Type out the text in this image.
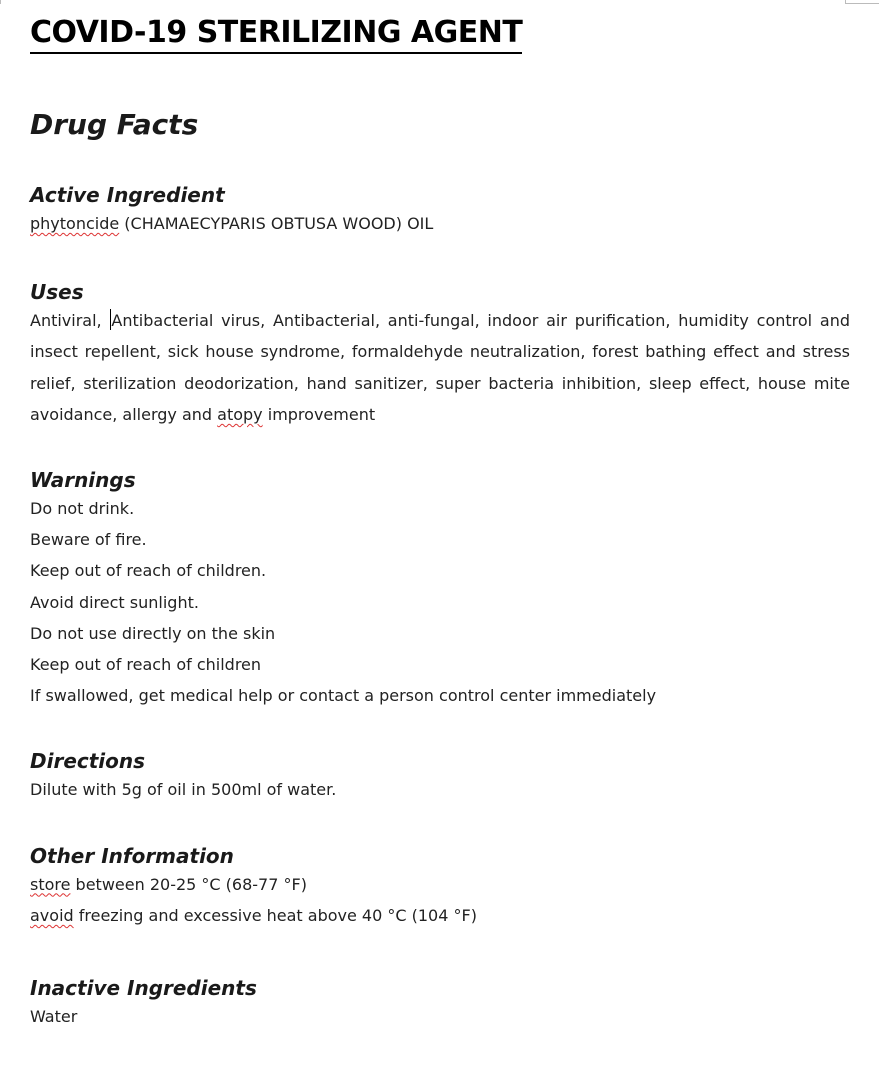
COVID-19 STERILIZING AGENT
Drug Facts
Active Ingredient

phytoncide (CHAMAECYPARIS OBTUSA WOOD) OIL

Uses

Antiviral, Antibacterial virus, Antibacterial, anti-fungal, indoor air purification, humidity control and insect repellent, sick house syndrome, formaldehyde neutralization, forest bathing effect and stress relief, sterilization deodorization, hand sanitizer, super bacteria inhibition, sleep effect, house mite avoidance, allergy and atopy improvement

Warnings

Do not drink.

Beware of fire.

Keep out of reach of children.

Avoid direct sunlight.

Do not use directly on the skin

Keep out of reach of children

If swallowed, get medical help or contact a person control center immediately

Directions

Dilute with 5g of oil in 500ml of water.

Other Information

store between 20-25 °C (68-77 °F)

avoid freezing and excessive heat above 40 °C (104 °F)

Inactive Ingredients

Water
